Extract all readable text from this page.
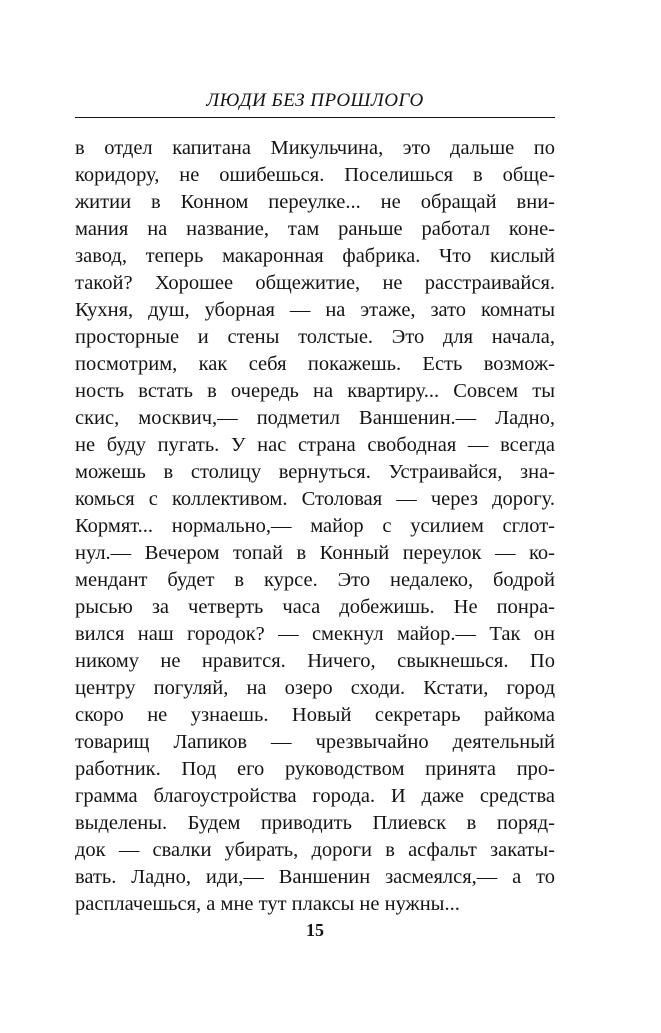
ЛЮДИ БЕЗ ПРОШЛОГО
в отдел капитана Микульчина, это дальше по
коридору, не ошибешься. Поселишься в обще-
житии в Конном переулке... не обращай вни-
мания на название, там раньше работал коне-
завод, теперь макаронная фабрика. Что кислый
такой? Хорошее общежитие, не расстраивайся.
Кухня, душ, уборная — на этаже, зато комнаты
просторные и стены толстые. Это для начала,
посмотрим, как себя покажешь. Есть возмож-
ность встать в очередь на квартиру... Совсем ты
скис, москвич,— подметил Ваншенин.— Ладно,
не буду пугать. У нас страна свободная — всегда
можешь в столицу вернуться. Устраивайся, зна-
комься с коллективом. Столовая — через дорогу.
Кормят... нормально,— майор с усилием сглот-
нул.— Вечером топай в Конный переулок — ко-
мендант будет в курсе. Это недалеко, бодрой
рысью за четверть часа добежишь. Не понра-
вился наш городок? — смекнул майор.— Так он
никому не нравится. Ничего, свыкнешься. По
центру погуляй, на озеро сходи. Кстати, город
скоро не узнаешь. Новый секретарь райкома
товарищ Лапиков — чрезвычайно деятельный
работник. Под его руководством принята про-
грамма благоустройства города. И даже средства
выделены. Будем приводить Плиевск в поряд-
док — свалки убирать, дороги в асфальт закаты-
вать. Ладно, иди,— Ваншенин засмеялся,— а то
расплачешься, а мне тут плаксы не нужны...
15
